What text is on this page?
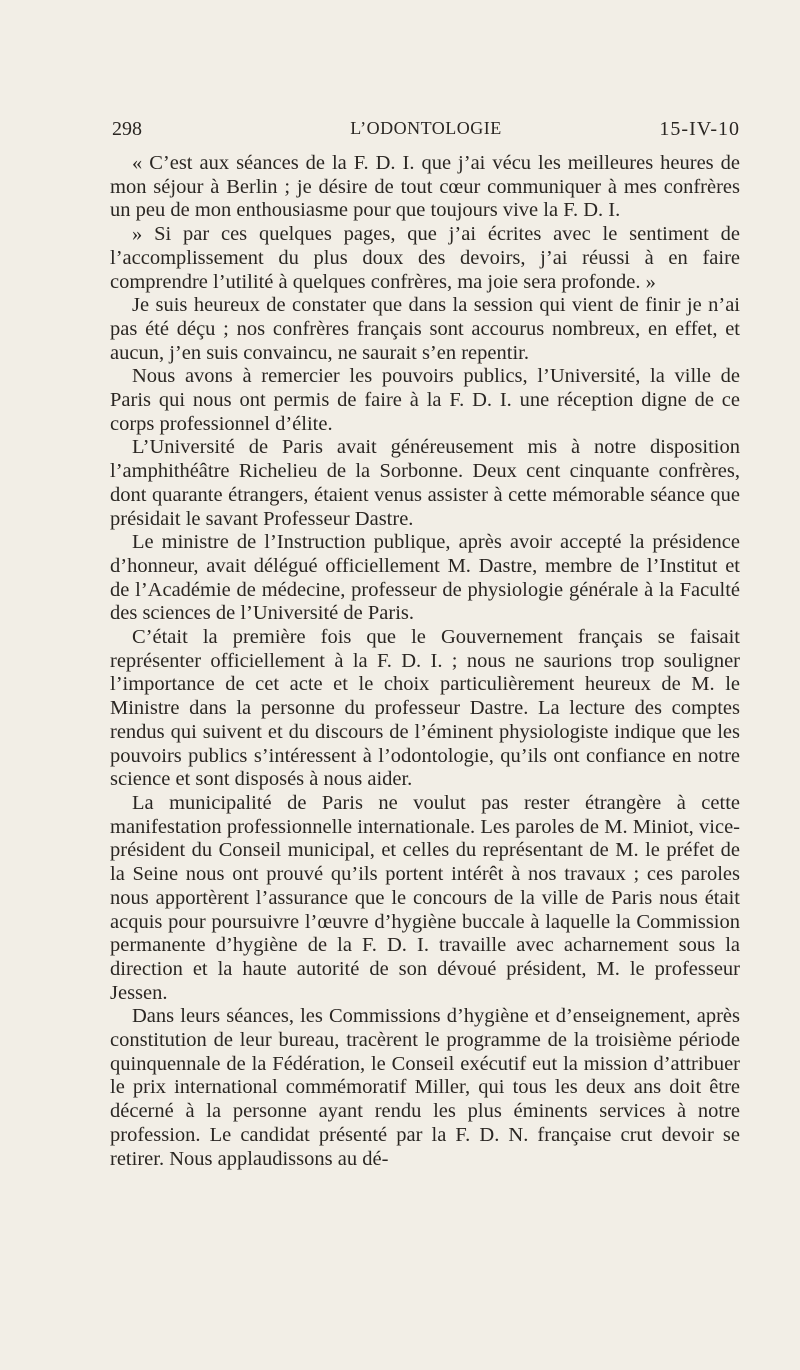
L’ODONTOLOGIE
298	15-IV-10

« C’est aux séances de la F. D. I. que j’ai vécu les meilleures heures de mon séjour à Berlin ; je désire de tout cœur communiquer à mes confrères un peu de mon enthousiasme pour que toujours vive la F. D. I.

» Si par ces quelques pages, que j’ai écrites avec le sentiment de l’accomplissement du plus doux des devoirs, j’ai réussi à en faire comprendre l’utilité à quelques confrères, ma joie sera profonde. »

Je suis heureux de constater que dans la session qui vient de finir je n’ai pas été déçu ; nos confrères français sont accourus nombreux, en effet, et aucun, j’en suis convaincu, ne saurait s’en repentir.

Nous avons à remercier les pouvoirs publics, l’Université, la ville de Paris qui nous ont permis de faire à la F. D. I. une réception digne de ce corps professionnel d’élite.

L’Université de Paris avait généreusement mis à notre disposition l’amphithéâtre Richelieu de la Sorbonne. Deux cent cinquante confrères, dont quarante étrangers, étaient venus assister à cette mémorable séance que présidait le savant Professeur Dastre.

Le ministre de l’Instruction publique, après avoir accepté la présidence d’honneur, avait délégué officiellement M. Dastre, membre de l’Institut et de l’Académie de médecine, professeur de physiologie générale à la Faculté des sciences de l’Université de Paris.

C’était la première fois que le Gouvernement français se faisait représenter officiellement à la F. D. I. ; nous ne saurions trop souligner l’importance de cet acte et le choix particulièrement heureux de M. le Ministre dans la personne du professeur Dastre. La lecture des comptes rendus qui suivent et du discours de l’éminent physiologiste indique que les pouvoirs publics s’intéressent à l’odontologie, qu’ils ont confiance en notre science et sont disposés à nous aider.

La municipalité de Paris ne voulut pas rester étrangère à cette manifestation professionnelle internationale. Les paroles de M. Miniot, vice-président du Conseil municipal, et celles du représentant de M. le préfet de la Seine nous ont prouvé qu’ils portent intérêt à nos travaux ; ces paroles nous apportèrent l’assurance que le concours de la ville de Paris nous était acquis pour poursuivre l’œuvre d’hygiène buccale à laquelle la Commission permanente d’hygiène de la F. D. I. travaille avec acharnement sous la direction et la haute autorité de son dévoué président, M. le professeur Jessen.

Dans leurs séances, les Commissions d’hygiène et d’enseignement, après constitution de leur bureau, tracèrent le programme de la troisième période quinquennale de la Fédération, le Conseil exécutif eut la mission d’attribuer le prix international commémoratif Miller, qui tous les deux ans doit être décerné à la personne ayant rendu les plus éminents services à notre profession. Le candidat présenté par la F. D. N. française crut devoir se retirer. Nous applaudissons au dé-
